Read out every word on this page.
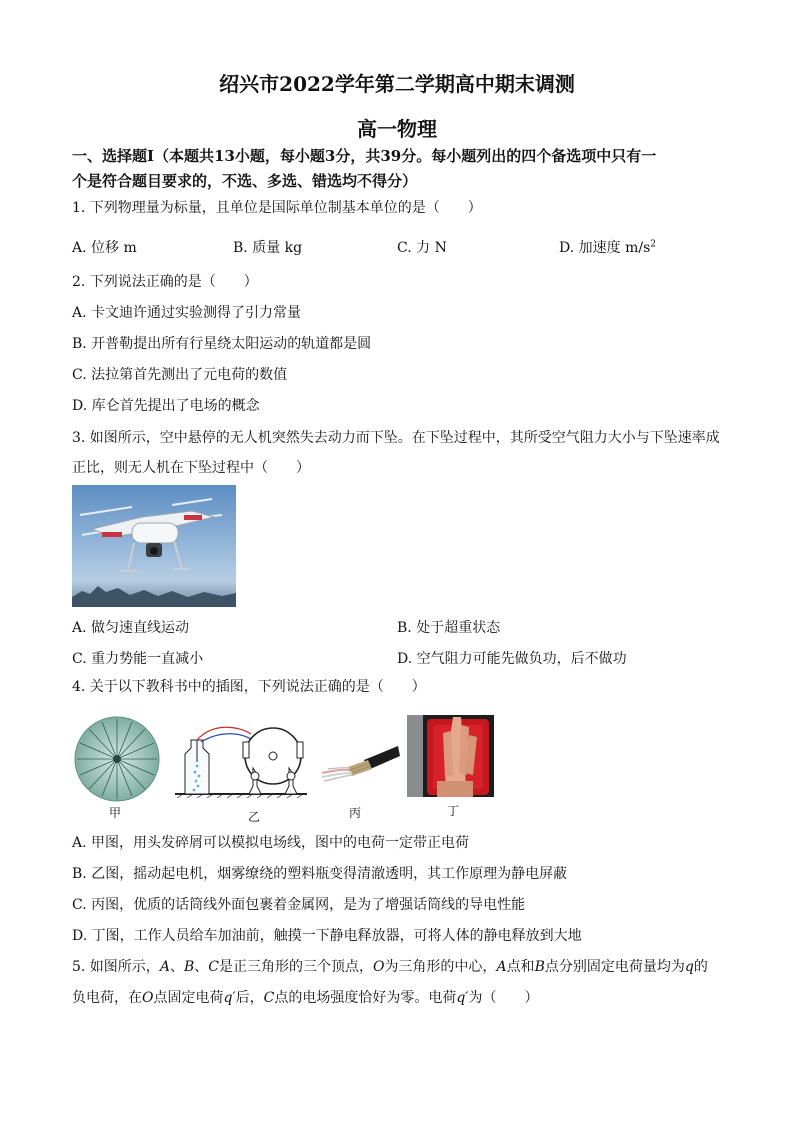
绍兴市2022学年第二学期高中期末调测
高一物理
一、选择题Ⅰ（本题共13小题，每小题3分，共39分。每小题列出的四个备选项中只有一
个是符合题目要求的，不选、多选、错选均不得分）
1. 下列物理量为标量，且单位是国际单位制基本单位的是（　　）
A. 位移 m	B. 质量 kg	C. 力 N	D. 加速度 $m/s^2$
2. 下列说法正确的是（　　）
A. 卡文迪许通过实验测得了引力常量
B. 开普勒提出所有行星绕太阳运动的轨道都是圆
C. 法拉第首先测出了元电荷的数值
D. 库仑首先提出了电场的概念
3. 如图所示，空中悬停的无人机突然失去动力而下坠。在下坠过程中，其所受空气阻力大小与下坠速率成
正比，则无人机在下坠过程中（　　）
A. 做匀速直线运动	B. 处于超重状态
C. 重力势能一直减小	D. 空气阻力可能先做负功，后不做功
4. 关于以下教科书中的插图，下列说法正确的是（　　）
甲	乙	丙	丁
A. 甲图，用头发碎屑可以模拟电场线，图中的电荷一定带正电荷
B. 乙图，摇动起电机，烟雾缭绕的塑料瓶变得清澈透明，其工作原理为静电屏蔽
C. 丙图，优质的话筒线外面包裹着金属网，是为了增强话筒线的导电性能
D. 丁图，工作人员给车加油前，触摸一下静电释放器，可将人体的静电释放到大地
5. 如图所示，A、B、C是正三角形的三个顶点，O为三角形的中心，A点和B点分别固定电荷量均为q的
负电荷，在O点固定电荷q′后，C点的电场强度恰好为零。电荷q′为（　　）
